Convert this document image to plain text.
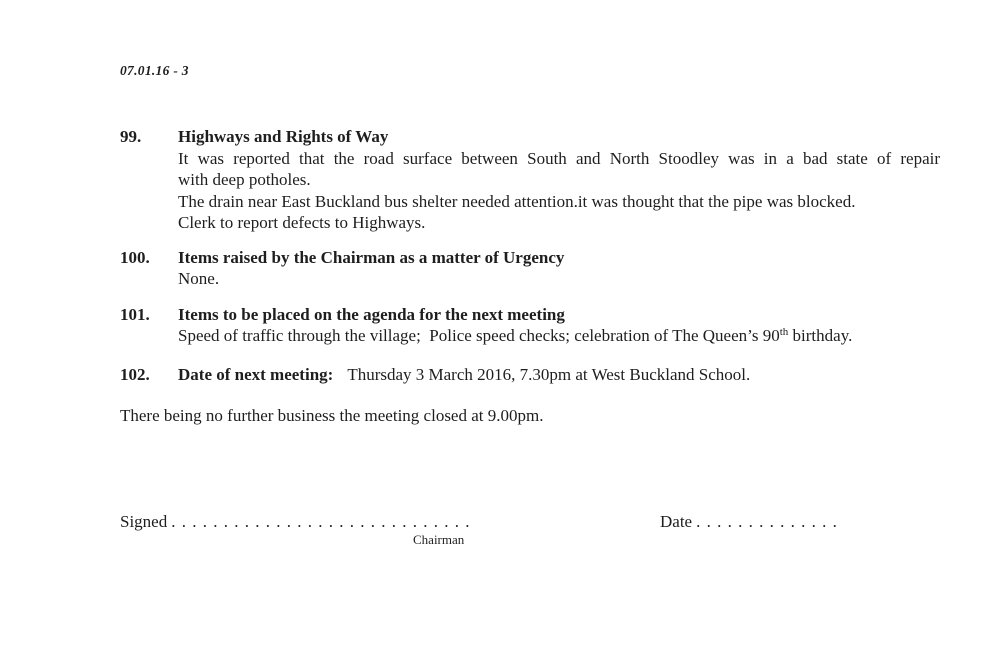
07.01.16 - 3
99.	Highways and Rights of Way
It was reported that the road surface between South and North Stoodley was in a bad state of repair
with deep potholes.
The drain near East Buckland bus shelter needed attention.it was thought that the pipe was blocked.
Clerk to report defects to Highways.
100.	Items raised by the Chairman as a matter of Urgency
None.
101.	Items to be placed on the agenda for the next meeting
Speed of traffic through the village;  Police speed checks; celebration of The Queen’s 90th birthday.
102.	Date of next meeting: Thursday 3 March 2016, 7.30pm at West Buckland School.
There being no further business the meeting closed at 9.00pm.
Signed . . . . . . . . . . . . . . . . . . . . . . . . . . . . .
Chairman
Date . . . . . . . . . . . . . .
